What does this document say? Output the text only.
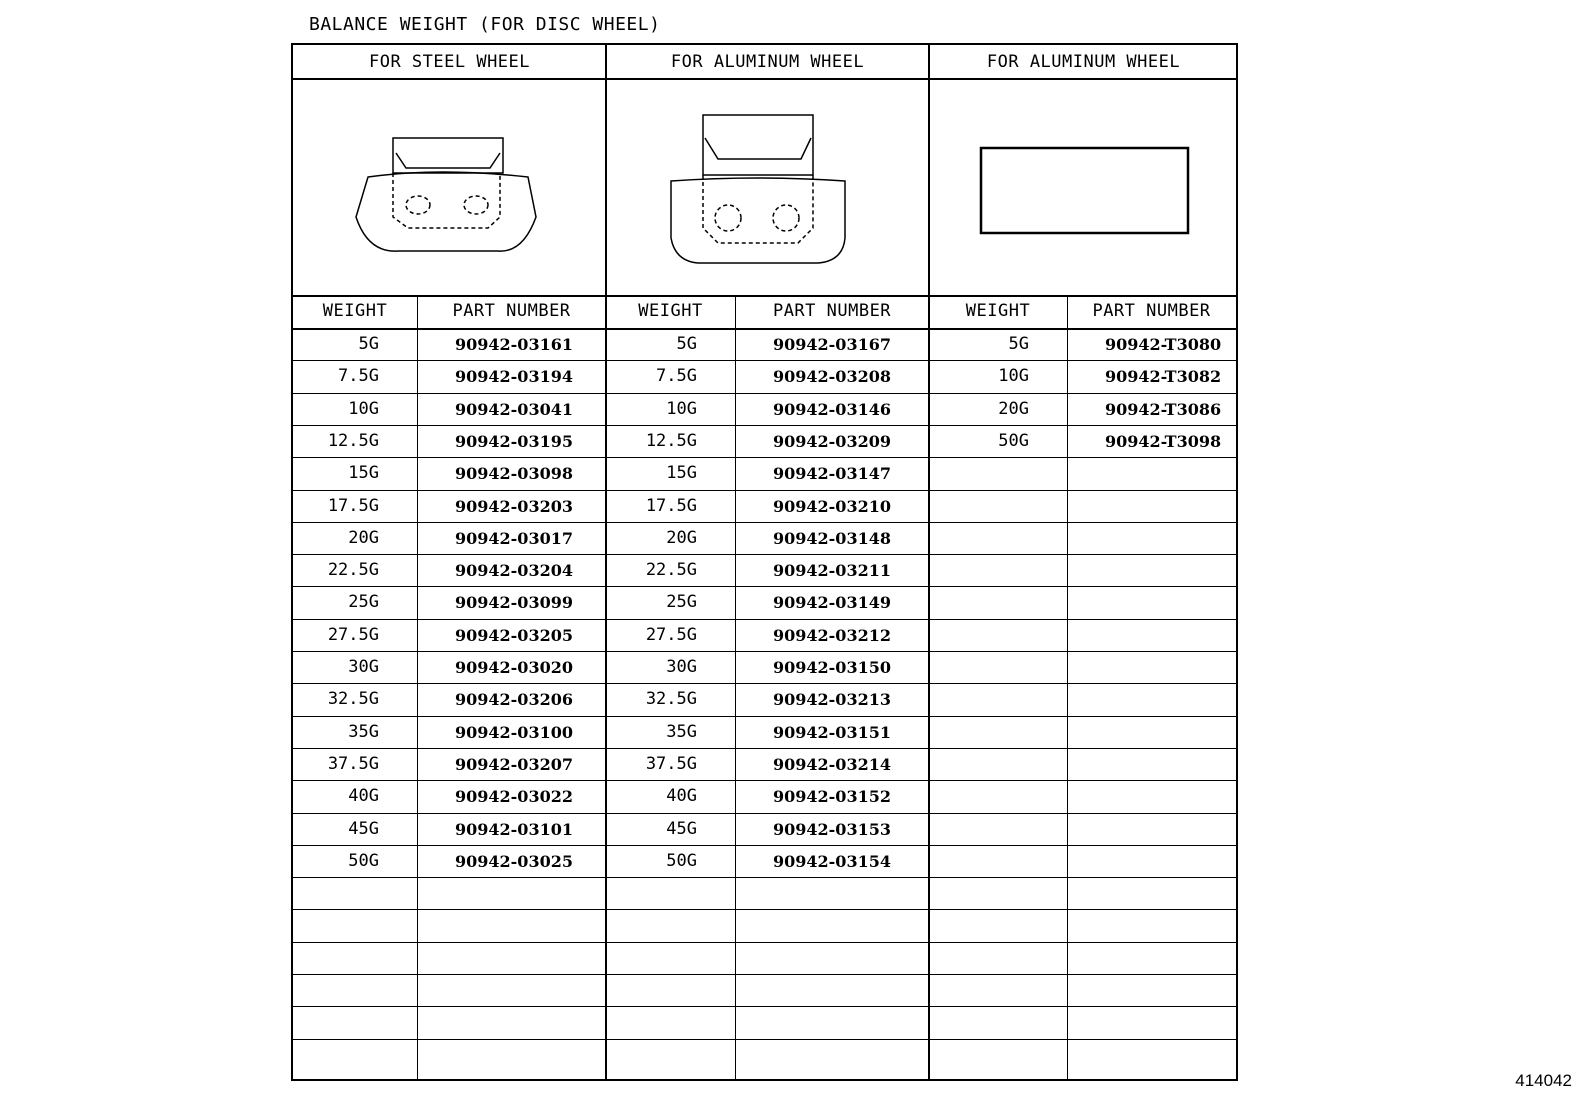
BALANCE WEIGHT (FOR DISC WHEEL)
FOR STEEL WHEEL	FOR ALUMINUM WHEEL	FOR ALUMINUM WHEEL
WEIGHT	PART NUMBER
5G	90942-03161
7.5G	90942-03194
10G	90942-03041
12.5G	90942-03195
15G	90942-03098
17.5G	90942-03203
20G	90942-03017
22.5G	90942-03204
25G	90942-03099
27.5G	90942-03205
30G	90942-03020
32.5G	90942-03206
35G	90942-03100
37.5G	90942-03207
40G	90942-03022
45G	90942-03101
50G	90942-03025
WEIGHT	PART NUMBER
5G	90942-03167
7.5G	90942-03208
10G	90942-03146
12.5G	90942-03209
15G	90942-03147
17.5G	90942-03210
20G	90942-03148
22.5G	90942-03211
25G	90942-03149
27.5G	90942-03212
30G	90942-03150
32.5G	90942-03213
35G	90942-03151
37.5G	90942-03214
40G	90942-03152
45G	90942-03153
50G	90942-03154
WEIGHT	PART NUMBER
5G	90942-T3080
10G	90942-T3082
20G	90942-T3086
50G	90942-T3098
414042
